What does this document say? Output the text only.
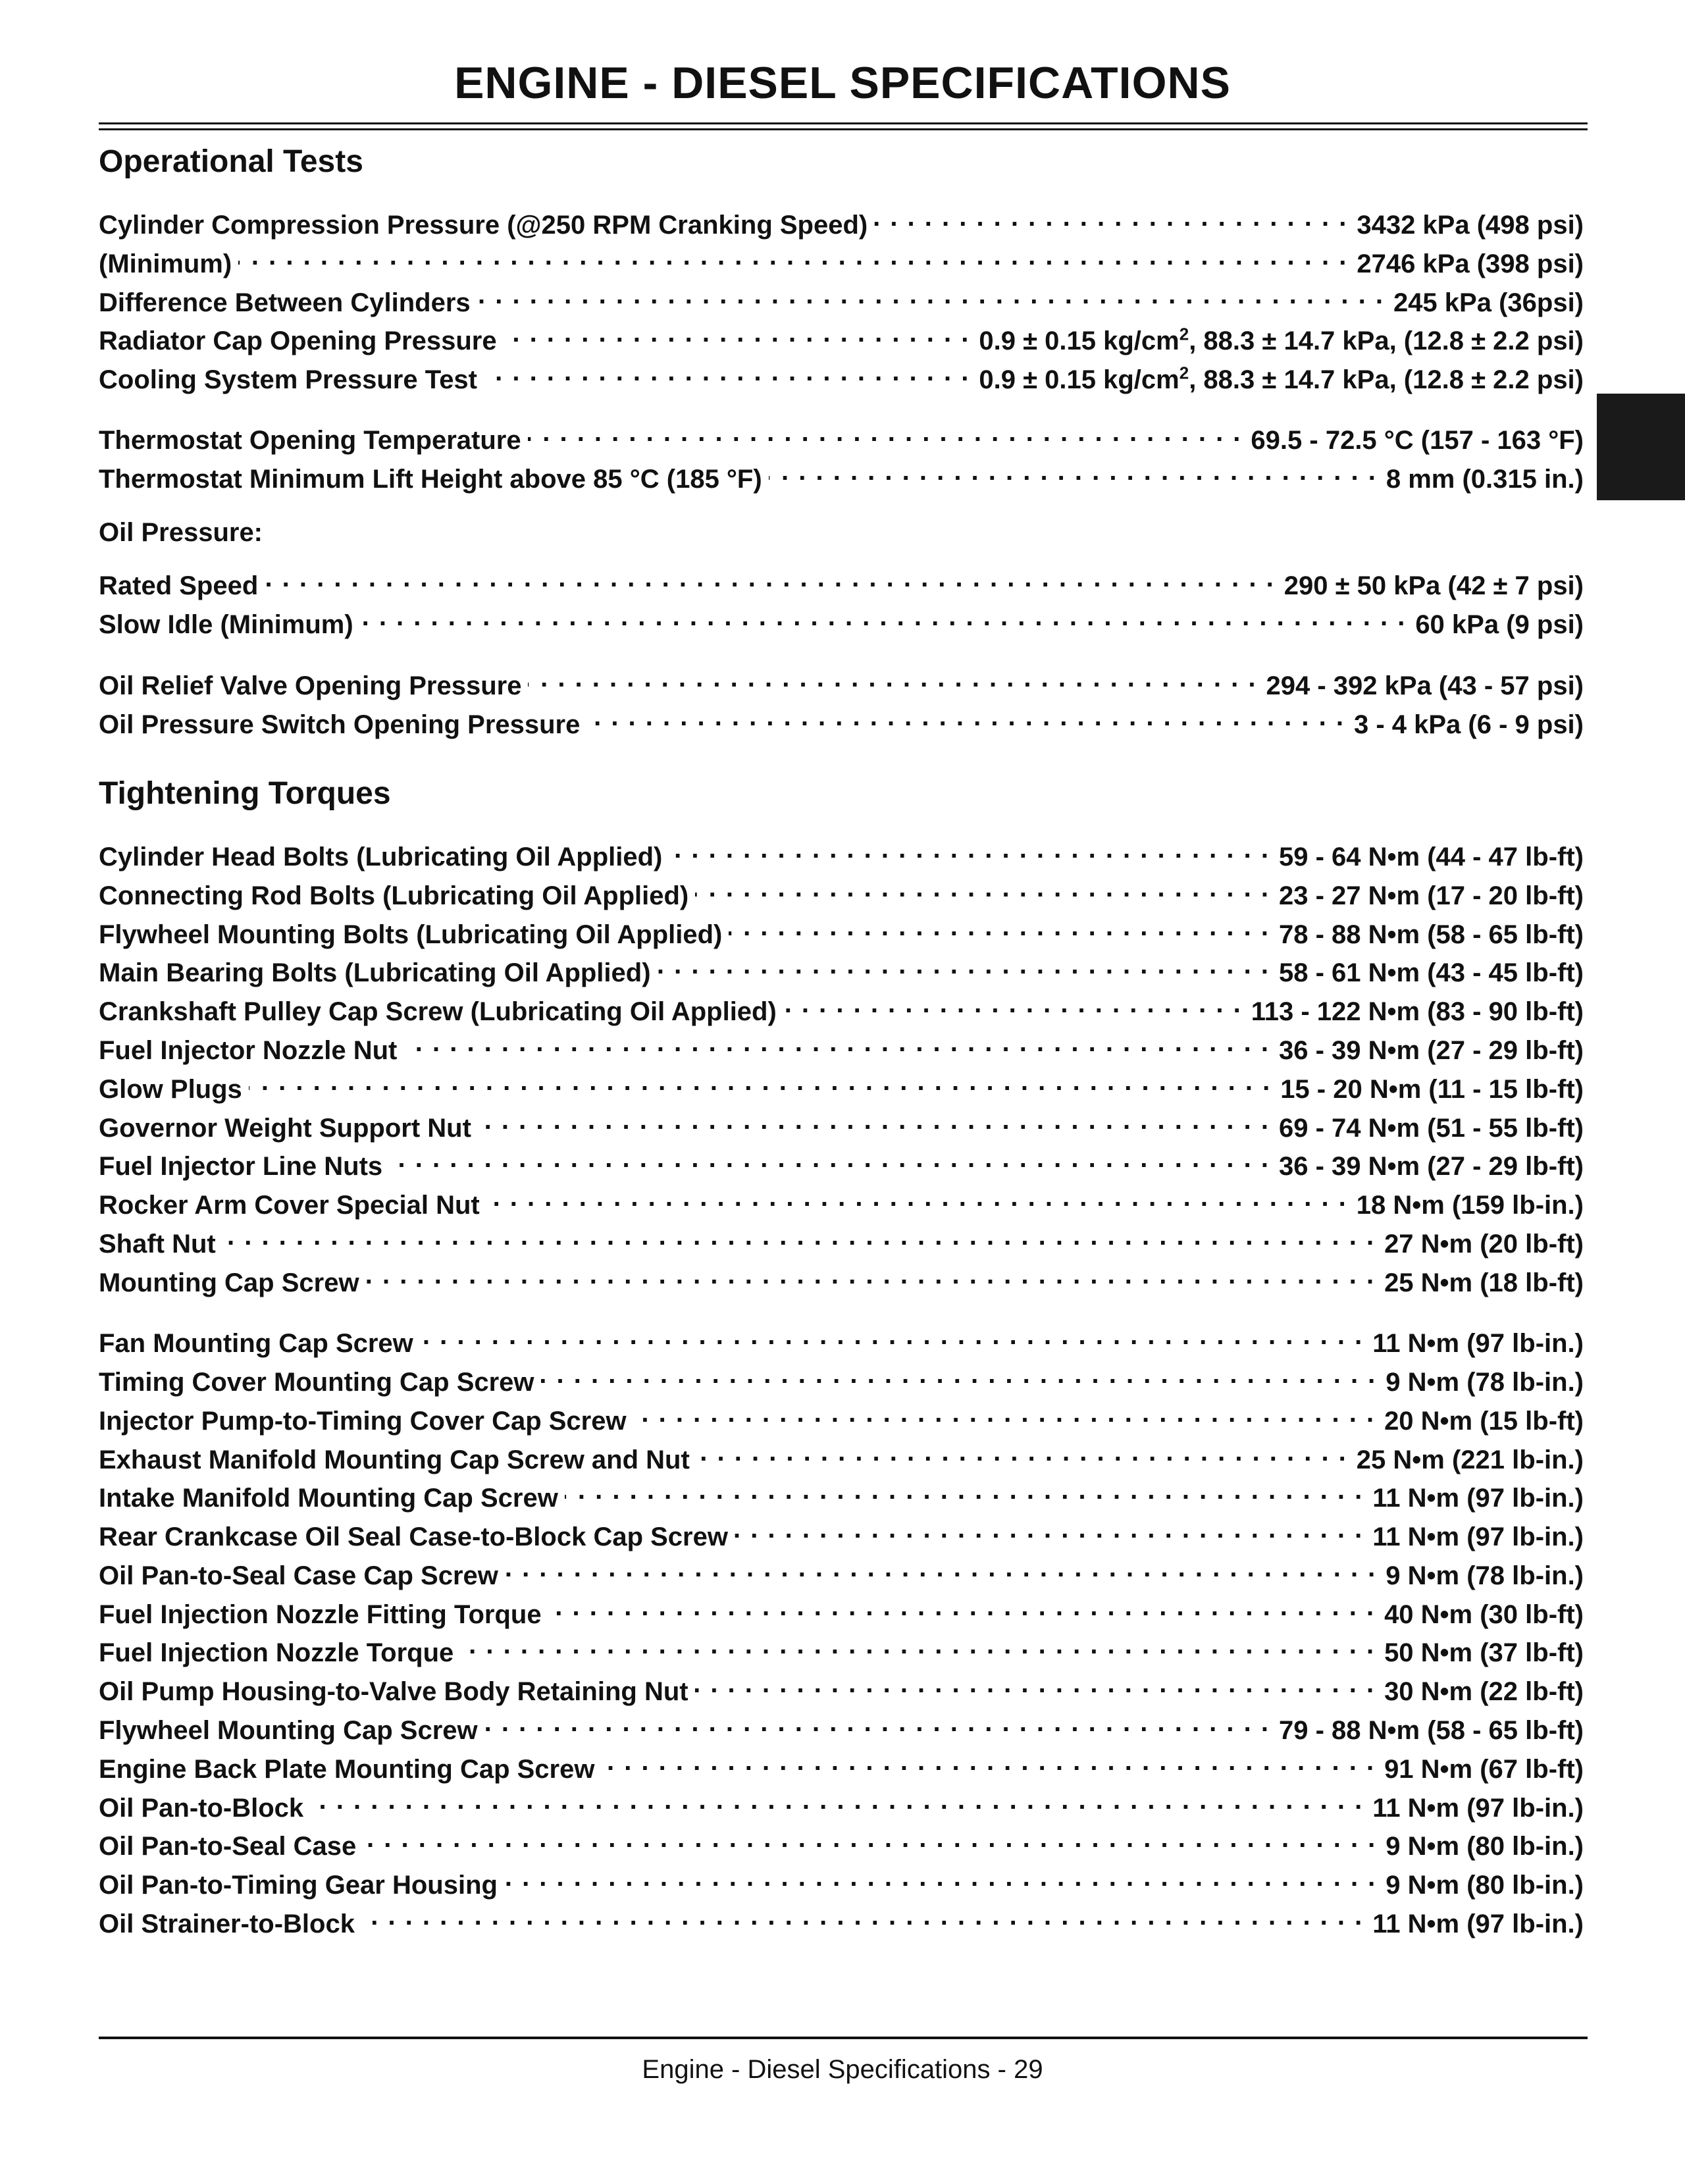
ENGINE - DIESEL SPECIFICATIONS
Operational Tests
Cylinder Compression Pressure (@250 RPM Cranking Speed) . . .	3432 kPa (498 psi)
(Minimum) . . .	2746 kPa (398 psi)
Difference Between Cylinders . . .	245 kPa (36psi)
Radiator Cap Opening Pressure . . .	0.9 ± 0.15 $kg/cm^2$, 88.3 ± 14.7 kPa, (12.8 ± 2.2 psi)
Cooling System Pressure Test . . .	0.9 ± 0.15 $kg/cm^2$, 88.3 ± 14.7 kPa, (12.8 ± 2.2 psi)
Thermostat Opening Temperature . . .	69.5 - 72.5 °C (157 - 163 °F)
Thermostat Minimum Lift Height above 85 °C (185 °F) . . .	8 mm (0.315 in.)
Oil Pressure:
Rated Speed . . .	290 ± 50 kPa (42 ± 7 psi)
Slow Idle (Minimum) . . .	60 kPa (9 psi)
Oil Relief Valve Opening Pressure . . .	294 - 392 kPa (43 - 57 psi)
Oil Pressure Switch Opening Pressure . . .	3 - 4 kPa (6 - 9 psi)
Tightening Torques
Cylinder Head Bolts (Lubricating Oil Applied) . . .	59 - 64 N•m (44 - 47 lb-ft)
Connecting Rod Bolts (Lubricating Oil Applied) . . .	23 - 27 N•m (17 - 20 lb-ft)
Flywheel Mounting Bolts (Lubricating Oil Applied) . . .	78 - 88 N•m (58 - 65 lb-ft)
Main Bearing Bolts (Lubricating Oil Applied) . . .	58 - 61 N•m (43 - 45 lb-ft)
Crankshaft Pulley Cap Screw (Lubricating Oil Applied) . . .	113 - 122 N•m (83 - 90 lb-ft)
Fuel Injector Nozzle Nut . . .	36 - 39 N•m (27 - 29 lb-ft)
Glow Plugs . . .	15 - 20 N•m (11 - 15 lb-ft)
Governor Weight Support Nut . . .	69 - 74 N•m (51 - 55 lb-ft)
Fuel Injector Line Nuts . . .	36 - 39 N•m (27 - 29 lb-ft)
Rocker Arm Cover Special Nut . . .	18 N•m (159 lb-in.)
Shaft Nut . . .	27 N•m (20 lb-ft)
Mounting Cap Screw . . .	25 N•m (18 lb-ft)
Fan Mounting Cap Screw . . .	11 N•m (97 lb-in.)
Timing Cover Mounting Cap Screw . . .	9 N•m (78 lb-in.)
Injector Pump-to-Timing Cover Cap Screw . . .	20 N•m (15 lb-ft)
Exhaust Manifold Mounting Cap Screw and Nut . . .	25 N•m (221 lb-in.)
Intake Manifold Mounting Cap Screw . . .	11 N•m (97 lb-in.)
Rear Crankcase Oil Seal Case-to-Block Cap Screw . . .	11 N•m (97 lb-in.)
Oil Pan-to-Seal Case Cap Screw . . .	9 N•m (78 lb-in.)
Fuel Injection Nozzle Fitting Torque . . .	40 N•m (30 lb-ft)
Fuel Injection Nozzle Torque . . .	50 N•m (37 lb-ft)
Oil Pump Housing-to-Valve Body Retaining Nut . . .	30 N•m (22 lb-ft)
Flywheel Mounting Cap Screw . . .	79 - 88 N•m (58 - 65 lb-ft)
Engine Back Plate Mounting Cap Screw . . .	91 N•m (67 lb-ft)
Oil Pan-to-Block . . .	11 N•m (97 lb-in.)
Oil Pan-to-Seal Case . . .	9 N•m (80 lb-in.)
Oil Pan-to-Timing Gear Housing . . .	9 N•m (80 lb-in.)
Oil Strainer-to-Block . . .	11 N•m (97 lb-in.)
Engine - Diesel Specifications - 29
